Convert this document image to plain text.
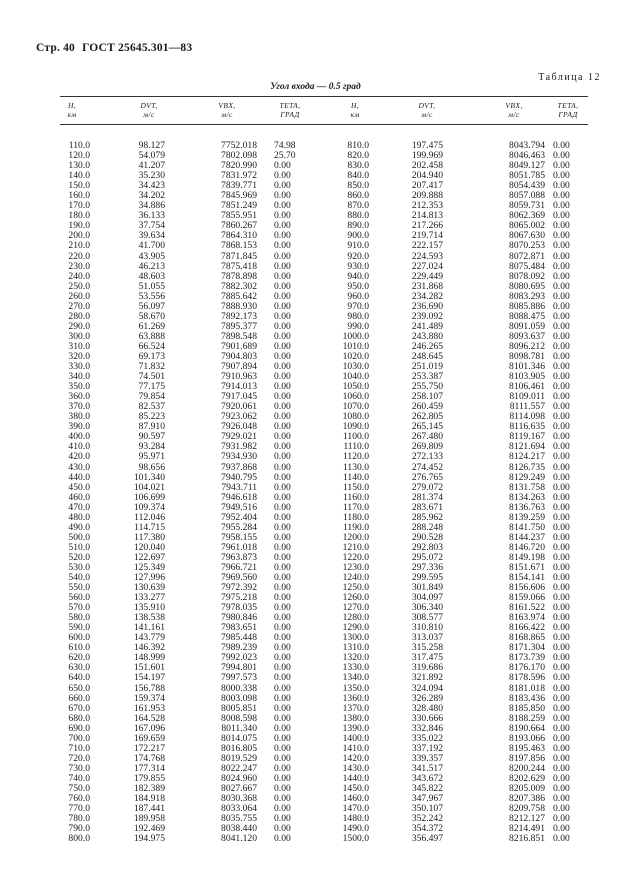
Стр. 40 ГОСТ 25645.301—83
Таблица 12
Угол входа — 0.5 град
Н,
км
DVT,
м/с
VBX,
м/с
ТЕТА,
ГРАД
Н,
км
DVT,
м/с
VBX,
м/с
ТЕТА,
ГРАД
110.0
120.0
130.0
140.0
150.0
160.0
170.0
180.0
190.0
200.0
210.0
220.0
230.0
240.0
250.0
260.0
270.0
280.0
290.0
300.0
310.0
320.0
330.0
340.0
350.0
360.0
370.0
380.0
390.0
400.0
410.0
420.0
430.0
440.0
450.0
460.0
470.0
480.0
490.0
500.0
510.0
520.0
530.0
540.0
550.0
560.0
570.0
580.0
590.0
600.0
610.0
620.0
630.0
640.0
650.0
660.0
670.0
680.0
690.0
700.0
710.0
720.0
730.0
740.0
750.0
760.0
770.0
780.0
790.0
800.0
98.127
54.079
41.207
35.230
34.423
34.202
34.886
36.133
37.754
39.634
41.700
43.905
46.213
48.603
51.055
53.556
56.097
58.670
61.269
63.888
66.524
69.173
71.832
74.501
77.175
79.854
82.537
85.223
87.910
90.597
93.284
95.971
98.656
101.340
104.021
106.699
109.374
112.046
114.715
117.380
120.040
122.697
125.349
127.996
130.639
133.277
135.910
138.538
141.161
143.779
146.392
148.999
151.601
154.197
156.788
159.374
161.953
164.528
167.096
169.659
172.217
174.768
177.314
179.855
182.389
184.918
187.441
189.958
192.469
194.975
7752.018
7802.098
7820.990
7831.972
7839.771
7845.969
7851.249
7855.951
7860.267
7864.310
7868.153
7871.845
7875.418
7878.898
7882.302
7885.642
7888.930
7892.173
7895.377
7898.548
7901.689
7904.803
7907.894
7910.963
7914.013
7917.045
7920.061
7923.062
7926.048
7929.021
7931.982
7934.930
7937.868
7940.795
7943.711
7946.618
7949.516
7952.404
7955.284
7958.155
7961.018
7963.873
7966.721
7969.560
7972.392
7975.218
7978.035
7980.846
7983.651
7985.448
7989.239
7992.023
7994.801
7997.573
8000.338
8003.098
8005.851
8008.598
8011.340
8014.075
8016.805
8019.529
8022.247
8024.960
8027.667
8030.368
8033.064
8035.755
8038.440
8041.120
74.98
25.70
0.00
0.00
0.00
0.00
0.00
0.00
0.00
0.00
0.00
0.00
0.00
0.00
0.00
0.00
0.00
0.00
0.00
0.00
0.00
0.00
0.00
0.00
0.00
0.00
0.00
0.00
0.00
0.00
0.00
0.00
0.00
0.00
0.00
0.00
0.00
0.00
0.00
0.00
0.00
0.00
0.00
0.00
0.00
0.00
0.00
0.00
0.00
0.00
0.00
0.00
0.00
0.00
0.00
0.00
0.00
0.00
0.00
0.00
0.00
0.00
0.00
0.00
0.00
0.00
0.00
0.00
0.00
0.00
810.0
820.0
830.0
840.0
850.0
860.0
870.0
880.0
890.0
900.0
910.0
920.0
930.0
940.0
950.0
960.0
970.0
980.0
990.0
1000.0
1010.0
1020.0
1030.0
1040.0
1050.0
1060.0
1070.0
1080.0
1090.0
1100.0
1110.0
1120.0
1130.0
1140.0
1150.0
1160.0
1170.0
1180.0
1190.0
1200.0
1210.0
1220.0
1230.0
1240.0
1250.0
1260.0
1270.0
1280.0
1290.0
1300.0
1310.0
1320.0
1330.0
1340.0
1350.0
1360.0
1370.0
1380.0
1390.0
1400.0
1410.0
1420.0
1430.0
1440.0
1450.0
1460.0
1470.0
1480.0
1490.0
1500.0
197.475
199.969
202.458
204.940
207.417
209.888
212.353
214.813
217.266
219.714
222.157
224.593
227.024
229.449
231.868
234.282
236.690
239.092
241.489
243.880
246.265
248.645
251.019
253.387
255.750
258.107
260.459
262.805
265.145
267.480
269.809
272.133
274.452
276.765
279.072
281.374
283.671
285.962
288.248
290.528
292.803
295.072
297.336
299.595
301.849
304.097
306.340
308.577
310.810
313.037
315.258
317.475
319.686
321.892
324.094
326.289
328.480
330.666
332.846
335.022
337.192
339.357
341.517
343.672
345.822
347.967
350.107
352.242
354.372
356.497
8043.794
8046.463
8049.127
8051.785
8054.439
8057.088
8059.731
8062.369
8065.002
8067.630
8070.253
8072.871
8075.484
8078.092
8080.695
8083.293
8085.886
8088.475
8091.059
8093.637
8096.212
8098.781
8101.346
8103.905
8106.461
8109.011
8111.557
8114.098
8116.635
8119.167
8121.694
8124.217
8126.735
8129.249
8131.758
8134.263
8136.763
8139.259
8141.750
8144.237
8146.720
8149.198
8151.671
8154.141
8156.606
8159.066
8161.522
8163.974
8166.422
8168.865
8171.304
8173.739
8176.170
8178.596
8181.018
8183.436
8185.850
8188.259
8190.664
8193.066
8195.463
8197.856
8200.244
8202.629
8205.009
8207.386
8209.758
8212.127
8214.491
8216.851
0.00
0.00
0.00
0.00
0.00
0.00
0.00
0.00
0.00
0.00
0.00
0.00
0.00
0.00
0.00
0.00
0.00
0.00
0.00
0.00
0.00
0.00
0.00
0.00
0.00
0.00
0.00
0.00
0.00
0.00
0.00
0.00
0.00
0.00
0.00
0.00
0.00
0.00
0.00
0.00
0.00
0.00
0.00
0.00
0.00
0.00
0.00
0.00
0.00
0.00
0.00
0.00
0.00
0.00
0.00
0.00
0.00
0.00
0.00
0.00
0.00
0.00
0.00
0.00
0.00
0.00
0.00
0.00
0.00
0.00
